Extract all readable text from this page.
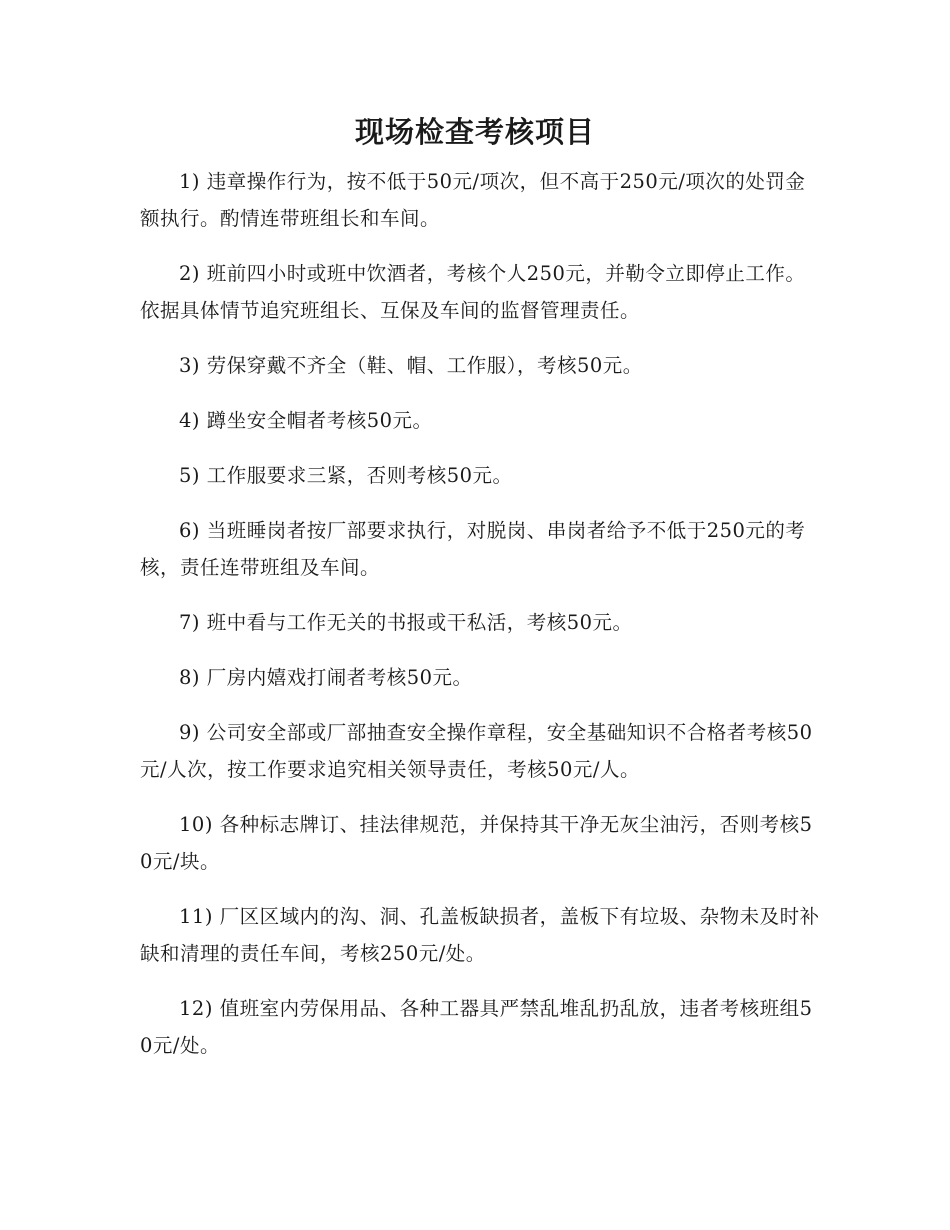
现场检查考核项目

1) 违章操作行为，按不低于50元/项次，但不高于250元/项次的处罚金额执行。酌情连带班组长和车间。

2) 班前四小时或班中饮酒者，考核个人250元，并勒令立即停止工作。依据具体情节追究班组长、互保及车间的监督管理责任。

3) 劳保穿戴不齐全（鞋、帽、工作服），考核50元。

4) 蹲坐安全帽者考核50元。

5) 工作服要求三紧，否则考核50元。

6) 当班睡岗者按厂部要求执行，对脱岗、串岗者给予不低于250元的考核，责任连带班组及车间。

7) 班中看与工作无关的书报或干私活，考核50元。

8) 厂房内嬉戏打闹者考核50元。

9) 公司安全部或厂部抽查安全操作章程，安全基础知识不合格者考核50元/人次，按工作要求追究相关领导责任，考核50元/人。

10) 各种标志牌订、挂法律规范，并保持其干净无灰尘油污，否则考核50元/块。

11) 厂区区域内的沟、洞、孔盖板缺损者，盖板下有垃圾、杂物未及时补缺和清理的责任车间，考核250元/处。

12) 值班室内劳保用品、各种工器具严禁乱堆乱扔乱放，违者考核班组50元/处。
